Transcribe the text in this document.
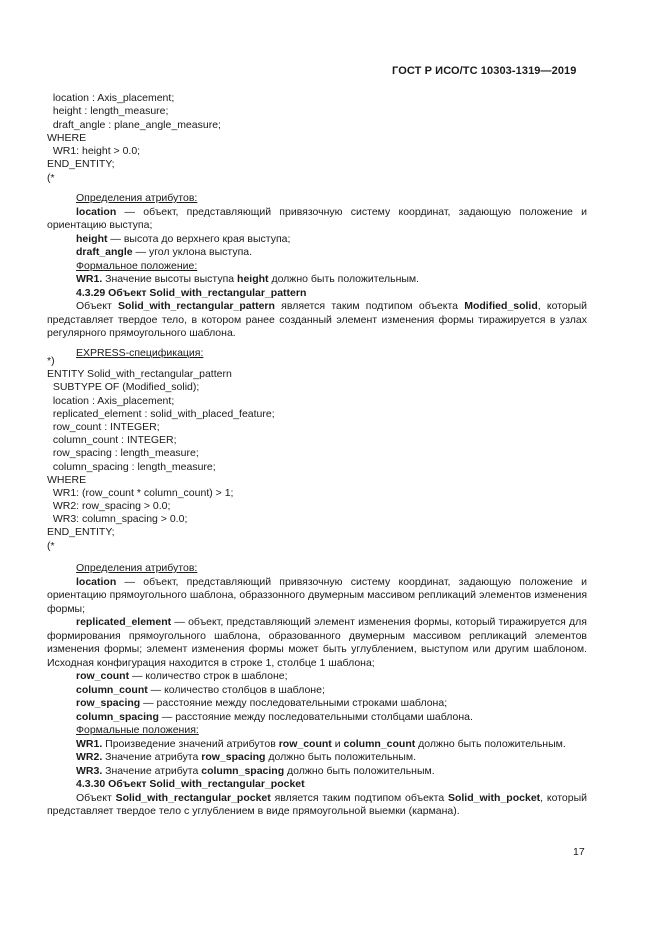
ГОСТ Р ИСО/ТС 10303-1319—2019
location : Axis_placement;
height : length_measure;
draft_angle : plane_angle_measure;
WHERE
WR1: height > 0.0;
END_ENTITY;
(*
Определения атрибутов:
location — объект, представляющий привязочную систему координат, задающую положение и ориентацию выступа;
height — высота до верхнего края выступа;
draft_angle — угол уклона выступа.
Формальное положение:
WR1. Значение высоты выступа height должно быть положительным.
4.3.29 Объект Solid_with_rectangular_pattern
Объект Solid_with_rectangular_pattern является таким подтипом объекта Modified_solid, который представляет твердое тело, в котором ранее созданный элемент изменения формы тиражируется в узлах регулярного прямоугольного шаблона.
EXPRESS-спецификация:
*)
ENTITY Solid_with_rectangular_pattern
SUBTYPE OF (Modified_solid);
location : Axis_placement;
replicated_element : solid_with_placed_feature;
row_count : INTEGER;
column_count : INTEGER;
row_spacing : length_measure;
column_spacing : length_measure;
WHERE
WR1: (row_count * column_count) > 1;
WR2: row_spacing > 0.0;
WR3: column_spacing > 0.0;
END_ENTITY;
(*
Определения атрибутов:
location — объект, представляющий привязочную систему координат, задающую положение и ориентацию прямоугольного шаблона, образзонного двумерным массивом репликаций элементов изменения формы;
replicated_element — объект, представляющий элемент изменения формы, который тиражируется для формирования прямоугольного шаблона, образованного двумерным массивом репликаций элементов изменения формы; элемент изменения формы может быть углублением, выступом или другим шаблоном. Исходная конфигурация находится в строке 1, столбце 1 шаблона;
row_count — количество строк в шаблоне;
column_count — количество столбцов в шаблоне;
row_spacing — расстояние между последовательными строками шаблона;
column_spacing — расстояние между последовательными столбцами шаблона.
Формальные положения:
WR1. Произведение значений атрибутов row_count и column_count должно быть положительным.
WR2. Значение атрибута row_spacing должно быть положительным.
WR3. Значение атрибута column_spacing должно быть положительным.
4.3.30 Объект Solid_with_rectangular_pocket
Объект Solid_with_rectangular_pocket является таким подтипом объекта Solid_with_pocket, который представляет твердое тело с углублением в виде прямоугольной выемки (кармана).
17
